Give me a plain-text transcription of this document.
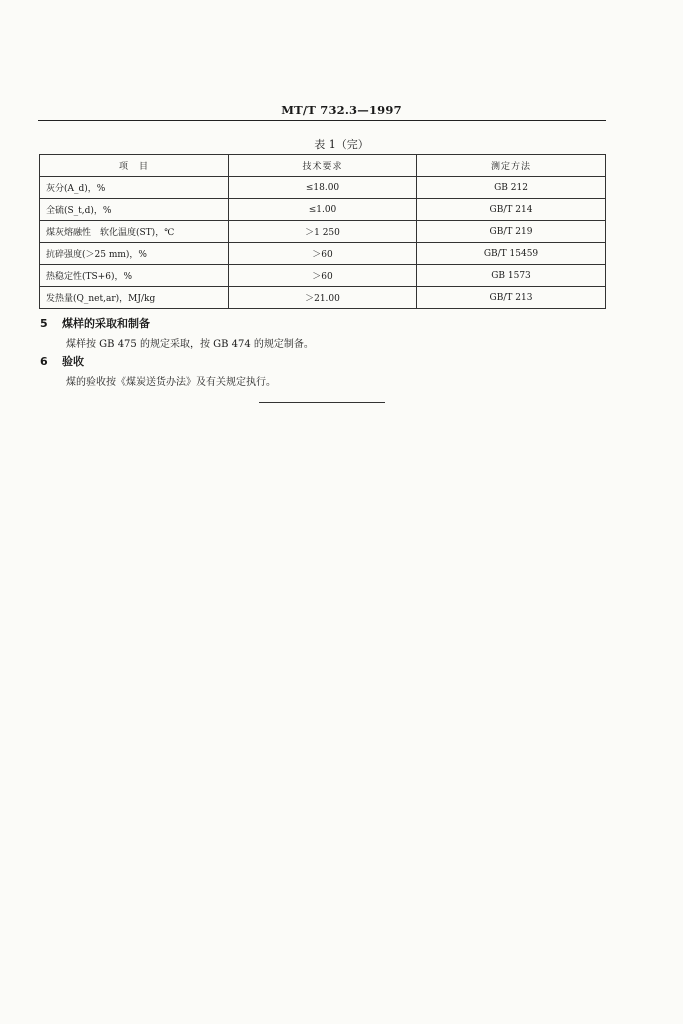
MT/T 732.3—1997
表 1（完）
项　目	技术要求	测定方法
灰分(A_d)，%	≤18.00	GB 212
全硫(S_t,d)，%	≤1.00	GB/T 214
煤灰熔融性　软化温度(ST)，℃	＞1 250	GB/T 219
抗碎强度(＞25 mm)，%	＞60	GB/T 15459
热稳定性(TS+6)，%	＞60	GB 1573
发热量(Q_net,ar)，MJ/kg	＞21.00	GB/T 213
5 煤样的采取和制备
煤样按 GB 475 的规定采取，按 GB 474 的规定制备。
6 验收
煤的验收按《煤炭送货办法》及有关规定执行。
